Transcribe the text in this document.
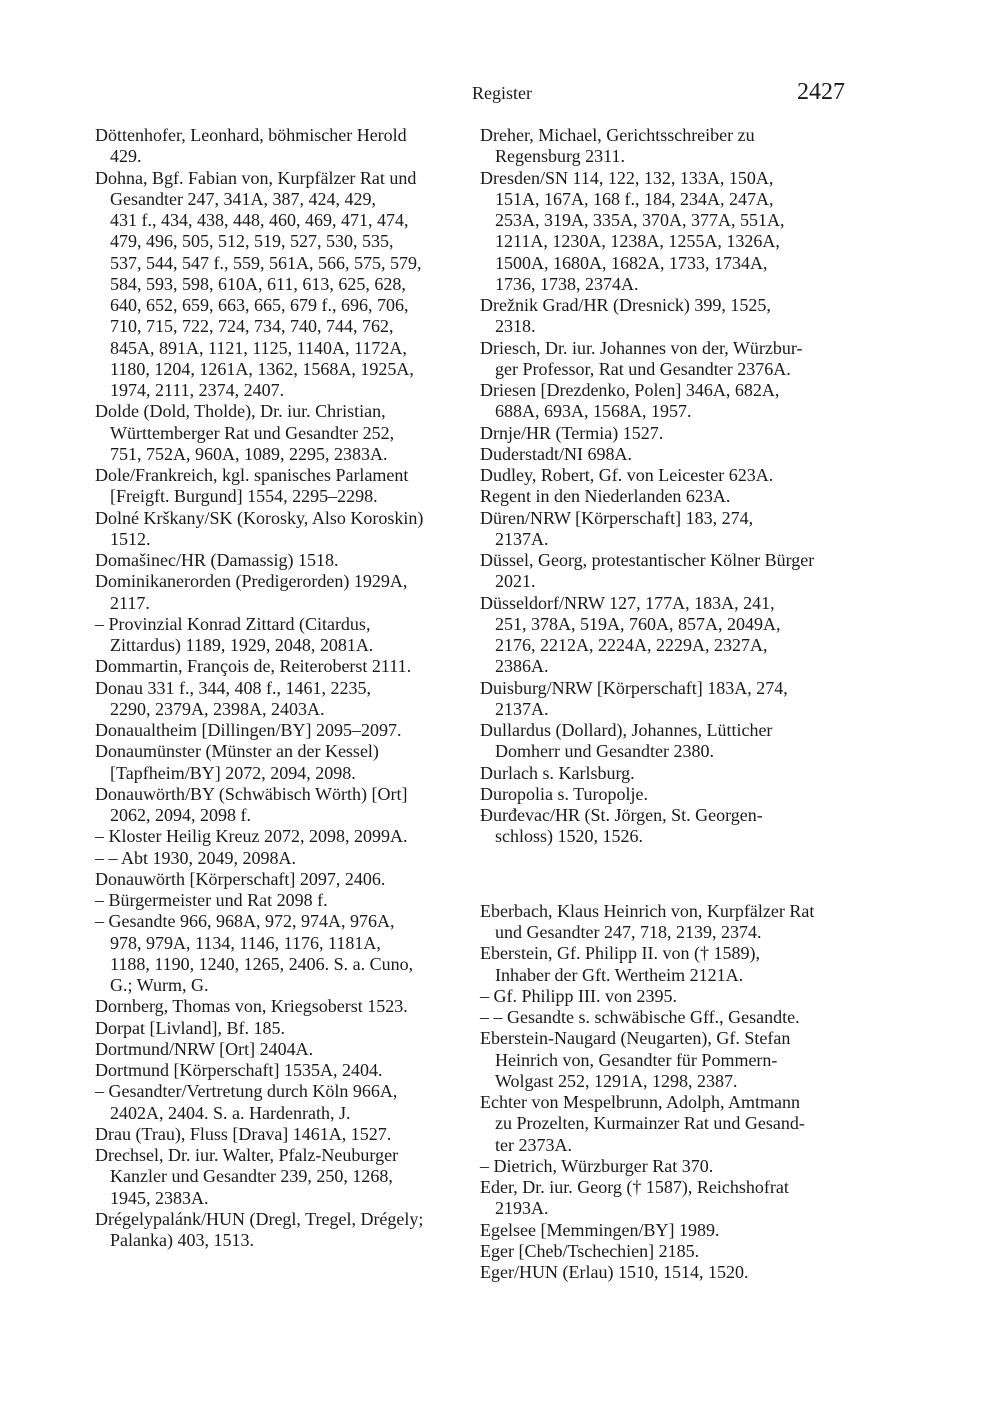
Register	2427

Döttenhofer, Leonhard, böhmischer Herold
429.

Dohna, Bgf. Fabian von, Kurpfälzer Rat und
Gesandter 247, 341A, 387, 424, 429,
431 f., 434, 438, 448, 460, 469, 471, 474,
479, 496, 505, 512, 519, 527, 530, 535,
537, 544, 547 f., 559, 561A, 566, 575, 579,
584, 593, 598, 610A, 611, 613, 625, 628,
640, 652, 659, 663, 665, 679 f., 696, 706,
710, 715, 722, 724, 734, 740, 744, 762,
845A, 891A, 1121, 1125, 1140A, 1172A,
1180, 1204, 1261A, 1362, 1568A, 1925A,
1974, 2111, 2374, 2407.

Dolde (Dold, Tholde), Dr. iur. Christian,
Württemberger Rat und Gesandter 252,
751, 752A, 960A, 1089, 2295, 2383A.

Dole/Frankreich, kgl. spanisches Parlament
[Freigft. Burgund] 1554, 2295–2298.

Dolné Krškany/SK (Korosky, Also Koroskin)
1512.

Domašinec/HR (Damassig) 1518.

Dominikanerorden (Predigerorden) 1929A,
2117.

– Provinzial Konrad Zittard (Citardus,
Zittardus) 1189, 1929, 2048, 2081A.

Dommartin, François de, Reiteroberst 2111.

Donau 331 f., 344, 408 f., 1461, 2235,
2290, 2379A, 2398A, 2403A.

Donaualtheim [Dillingen/BY] 2095–2097.

Donaumünster (Münster an der Kessel)
[Tapfheim/BY] 2072, 2094, 2098.

Donauwörth/BY (Schwäbisch Wörth) [Ort]
2062, 2094, 2098 f.

– Kloster Heilig Kreuz 2072, 2098, 2099A.

– – Abt 1930, 2049, 2098A.

Donauwörth [Körperschaft] 2097, 2406.

– Bürgermeister und Rat 2098 f.

– Gesandte 966, 968A, 972, 974A, 976A,
978, 979A, 1134, 1146, 1176, 1181A,
1188, 1190, 1240, 1265, 2406. S. a. Cuno,
G.; Wurm, G.

Dornberg, Thomas von, Kriegsoberst 1523.

Dorpat [Livland], Bf. 185.

Dortmund/NRW [Ort] 2404A.

Dortmund [Körperschaft] 1535A, 2404.

– Gesandter/Vertretung durch Köln 966A,
2402A, 2404. S. a. Hardenrath, J.

Drau (Trau), Fluss [Drava] 1461A, 1527.

Drechsel, Dr. iur. Walter, Pfalz-Neuburger
Kanzler und Gesandter 239, 250, 1268,
1945, 2383A.

Drégelypalánk/HUN (Dregl, Tregel, Drégely;
Palanka) 403, 1513.

Dreher, Michael, Gerichtsschreiber zu
Regensburg 2311.

Dresden/SN 114, 122, 132, 133A, 150A,
151A, 167A, 168 f., 184, 234A, 247A,
253A, 319A, 335A, 370A, 377A, 551A,
1211A, 1230A, 1238A, 1255A, 1326A,
1500A, 1680A, 1682A, 1733, 1734A,
1736, 1738, 2374A.

Drežnik Grad/HR (Dresnick) 399, 1525,
2318.

Driesch, Dr. iur. Johannes von der, Würzbur-
ger Professor, Rat und Gesandter 2376A.

Driesen [Drezdenko, Polen] 346A, 682A,
688A, 693A, 1568A, 1957.

Drnje/HR (Termia) 1527.

Duderstadt/NI 698A.

Dudley, Robert, Gf. von Leicester 623A.

Regent in den Niederlanden 623A.

Düren/NRW [Körperschaft] 183, 274,
2137A.

Düssel, Georg, protestantischer Kölner Bürger
2021.

Düsseldorf/NRW 127, 177A, 183A, 241,
251, 378A, 519A, 760A, 857A, 2049A,
2176, 2212A, 2224A, 2229A, 2327A,
2386A.

Duisburg/NRW [Körperschaft] 183A, 274,
2137A.

Dullardus (Dollard), Johannes, Lütticher
Domherr und Gesandter 2380.

Durlach s. Karlsburg.

Duropolia s. Turopolje.

Đurđevac/HR (St. Jörgen, St. Georgen-
schloss) 1520, 1526.

Eberbach, Klaus Heinrich von, Kurpfälzer Rat
und Gesandter 247, 718, 2139, 2374.

Eberstein, Gf. Philipp II. von († 1589),
Inhaber der Gft. Wertheim 2121A.

– Gf. Philipp III. von 2395.

– – Gesandte s. schwäbische Gff., Gesandte.

Eberstein-Naugard (Neugarten), Gf. Stefan
Heinrich von, Gesandter für Pommern-
Wolgast 252, 1291A, 1298, 2387.

Echter von Mespelbrunn, Adolph, Amtmann
zu Prozelten, Kurmainzer Rat und Gesand-
ter 2373A.

– Dietrich, Würzburger Rat 370.

Eder, Dr. iur. Georg († 1587), Reichshofrat
2193A.

Egelsee [Memmingen/BY] 1989.

Eger [Cheb/Tschechien] 2185.

Eger/HUN (Erlau) 1510, 1514, 1520.
